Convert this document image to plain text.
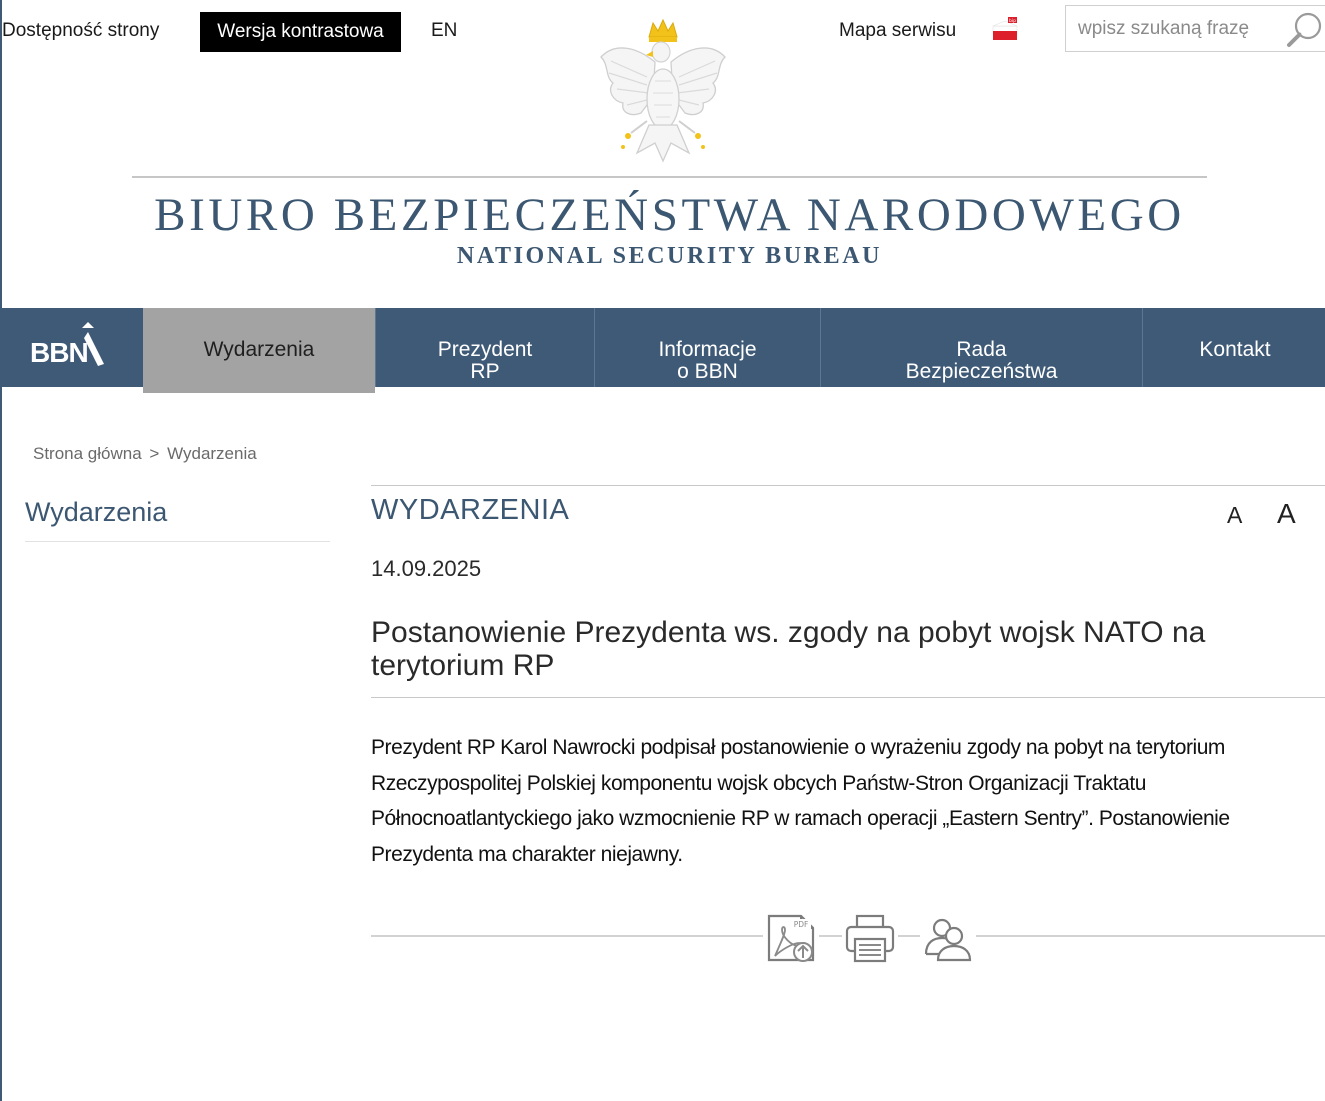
Dostępność strony	Wersja kontrastowa	EN	Mapa serwisu	bip
wpisz szukaną frazę
BIURO BEZPIECZEŃSTWA NARODOWEGO
NATIONAL SECURITY BUREAU
BBN	Wydarzenia	Prezydent
RP
Informacje
o BBN
Rada
Bezpieczeństwa
Kontakt
Strona główna > Wydarzenia
Wydarzenia	WYDARZENIA	A A
14.09.2025
Postanowienie Prezydenta ws. zgody na pobyt wojsk NATO na terytorium RP

Prezydent RP Karol Nawrocki podpisał postanowienie o wyrażeniu zgody na pobyt na terytorium Rzeczypospolitej Polskiej komponentu wojsk obcych Państw-Stron Organizacji Traktatu Północnoatlantyckiego jako wzmocnienie RP w ramach operacji „Eastern Sentry”. Postanowienie Prezydenta ma charakter niejawny.

PDF
